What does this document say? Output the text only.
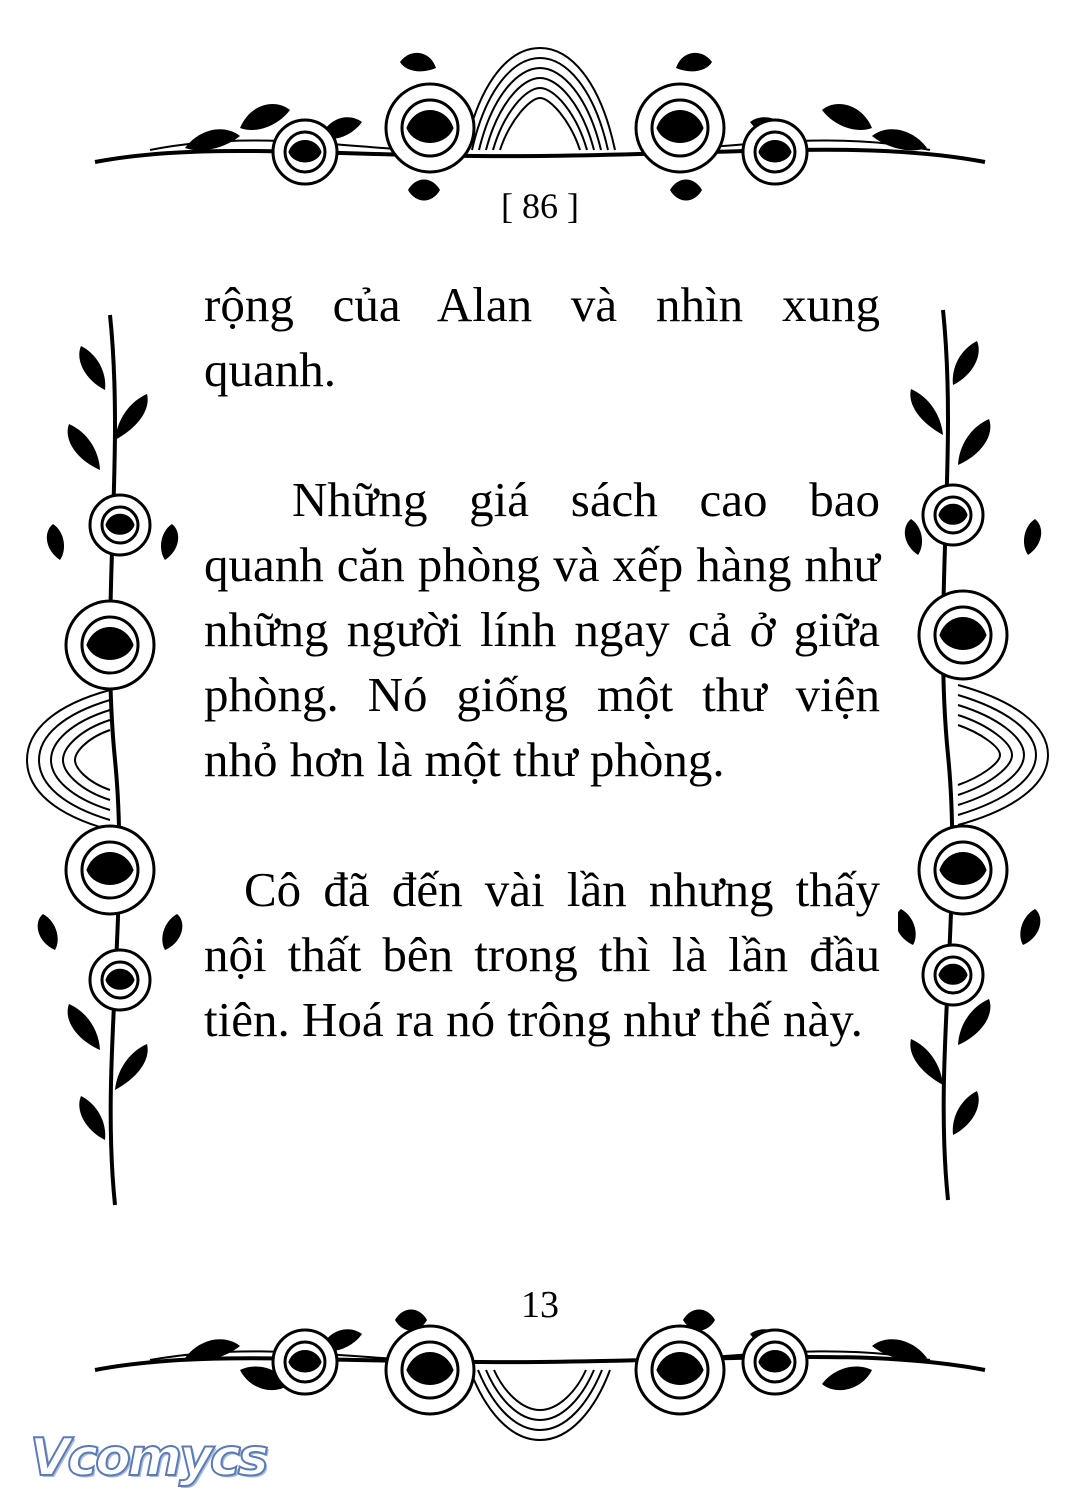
[ 86 ]

rộng của Alan và nhìn xung quanh.

Những giá sách cao bao quanh căn phòng và xếp hàng như những người lính ngay cả ở giữa phòng. Nó giống một thư viện nhỏ hơn là một thư phòng.

Cô đã đến vài lần nhưng thấy nội thất bên trong thì là lần đầu tiên. Hoá ra nó trông như thế này.

13
Vcomycs
